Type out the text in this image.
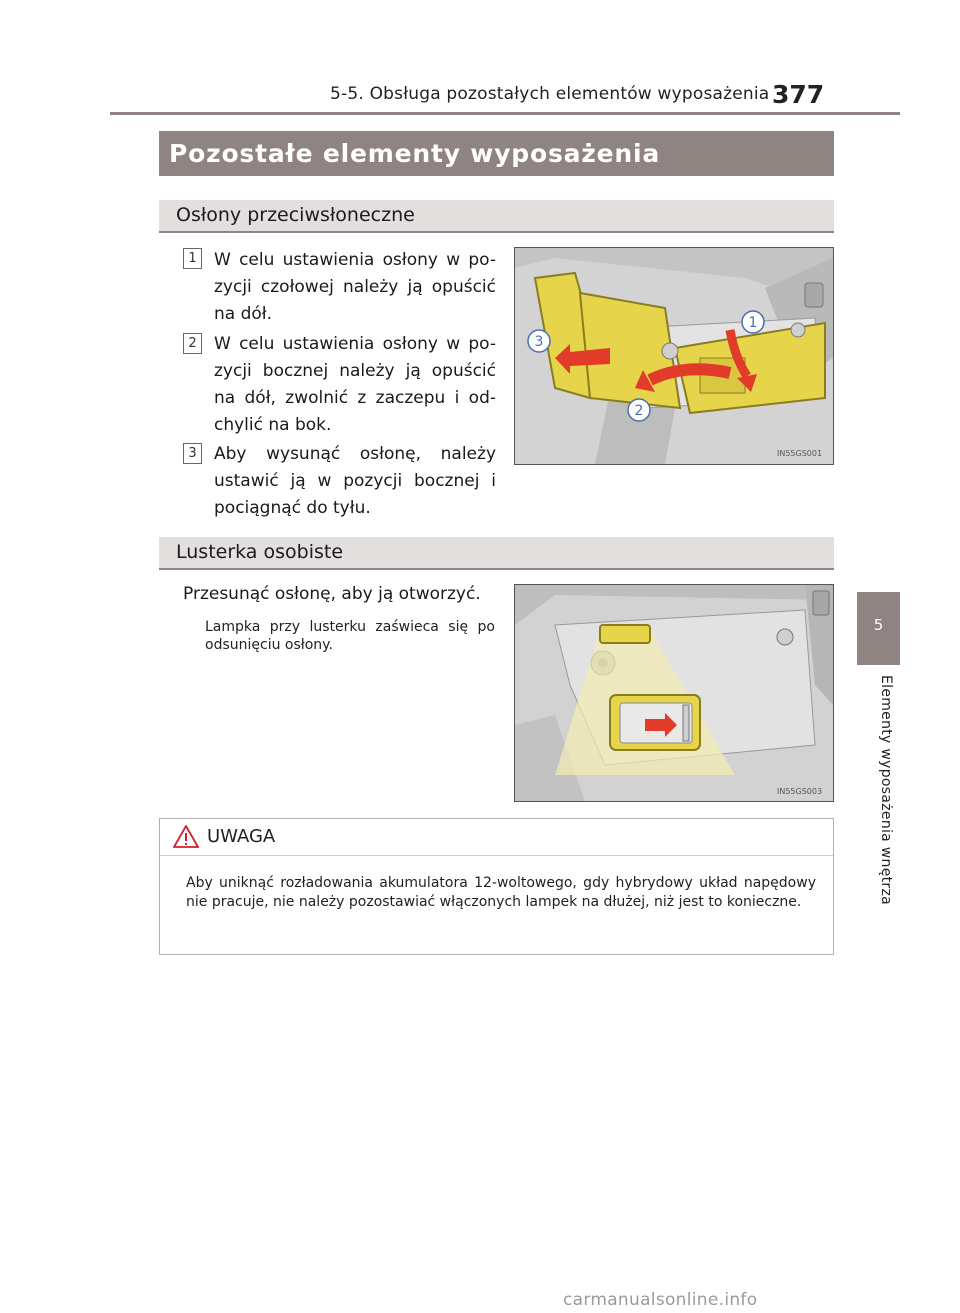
5-5. Obsługa pozostałych elementów wyposażenia 377
Pozostałe elementy wyposażenia
Osłony przeciwsłoneczne
1	W celu ustawienia osłony w po-zycji czołowej należy ją opuścić na dół.
2	W celu ustawienia osłony w po-zycji bocznej należy ją opuścić na dół, zwolnić z zaczepu i od-chylić na bok.
3	Aby wysunąć osłonę, należy ustawić ją w pozycji bocznej i pociągnąć do tyłu.
1
2
3
IN55GS001
Lusterka osobiste
Przesunąć osłonę, aby ją otworzyć.
Lampka przy lusterku zaświeca się po odsunięciu osłony.
IN55GS003
UWAGA
Aby uniknąć rozładowania akumulatora 12-woltowego, gdy hybrydowy układ napędowy nie pracuje, nie należy pozostawiać włączonych lampek na dłużej, niż jest to konieczne.
5
Elementy wyposażenia wnętrza
carmanualsonline.info
